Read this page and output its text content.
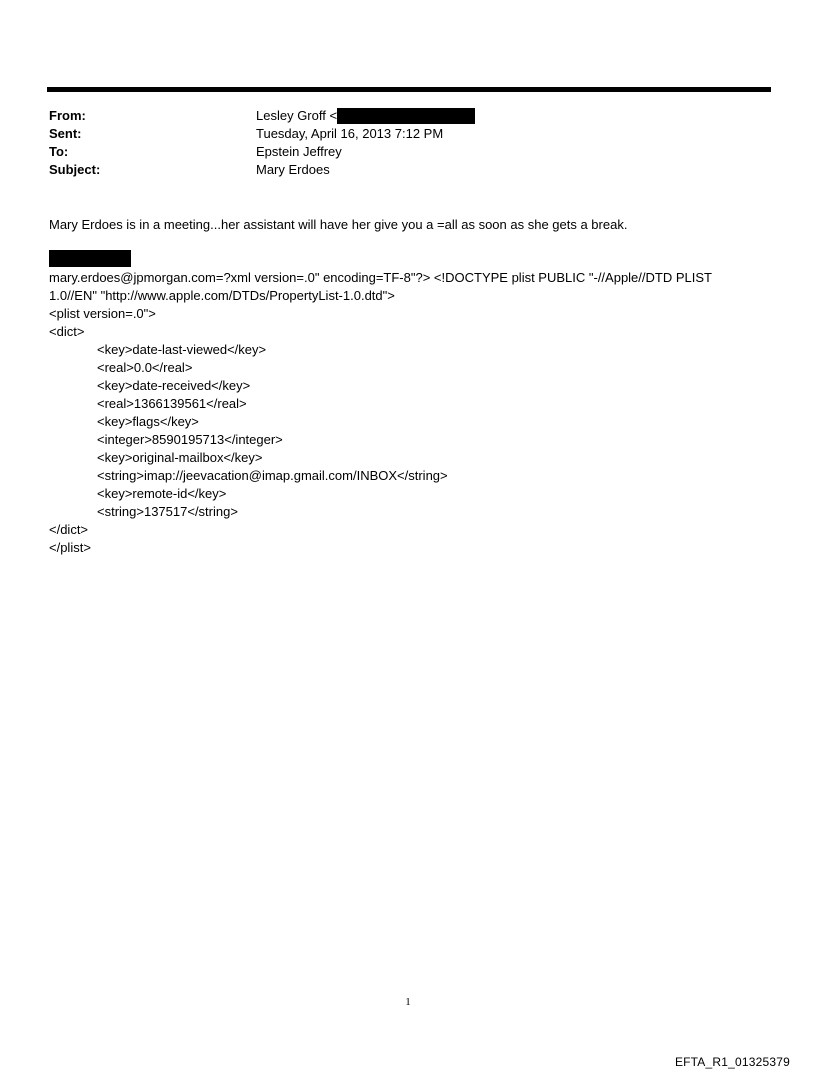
From:	Lesley Groff <
Sent:	Tuesday, April 16, 2013 7:12 PM
To:	Epstein Jeffrey
Subject:	Mary Erdoes
Mary Erdoes is in a meeting...her assistant will have her give you a =all as soon as she gets a break.
mary.erdoes@jpmorgan.com=?xml version=.0" encoding=TF-8"?> <!DOCTYPE plist PUBLIC "-//Apple//DTD PLIST
1.0//EN" "http://www.apple.com/DTDs/PropertyList-1.0.dtd">
<plist version=.0">
<dict>
<key>date-last-viewed</key>
<real>0.0</real>
<key>date-received</key>
<real>1366139561</real>
<key>flags</key>
<integer>8590195713</integer>
<key>original-mailbox</key>
<string>imap://jeevacation@imap.gmail.com/INBOX</string>
<key>remote-id</key>
<string>137517</string>
</dict>
</plist>
1
EFTA_R1_01325379
